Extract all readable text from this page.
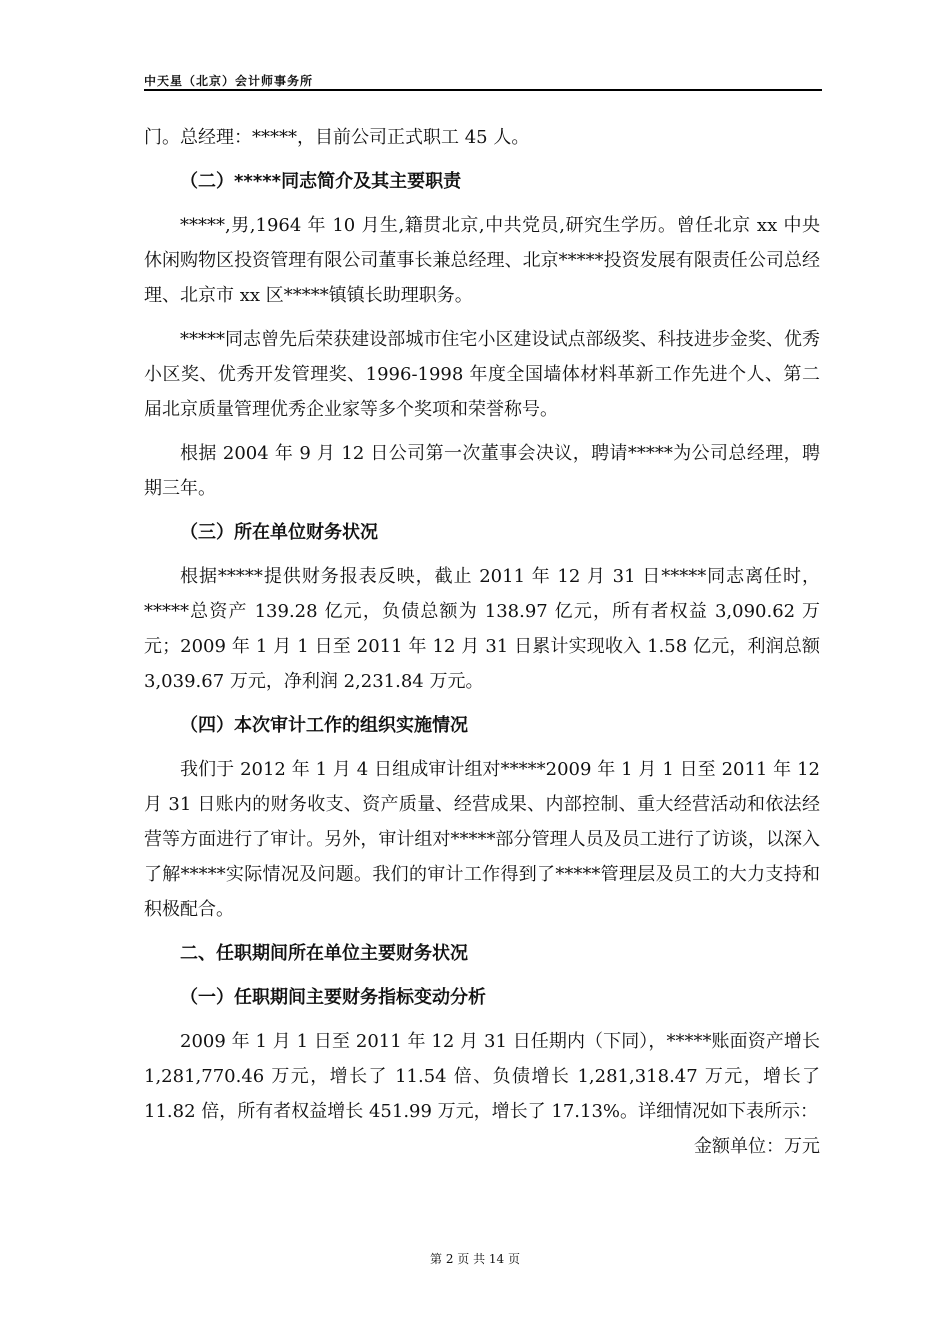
中天星（北京）会计师事务所

门。总经理：*****，目前公司正式职工 45 人。

（二）*****同志简介及其主要职责

*****,男,1964 年 10 月生,籍贯北京,中共党员,研究生学历。曾任北京 xx 中央休闲购物区投资管理有限公司董事长兼总经理、北京*****投资发展有限责任公司总经理、北京市 xx 区*****镇镇长助理职务。

*****同志曾先后荣获建设部城市住宅小区建设试点部级奖、科技进步金奖、优秀小区奖、优秀开发管理奖、1996-1998 年度全国墙体材料革新工作先进个人、第二届北京质量管理优秀企业家等多个奖项和荣誉称号。

根据 2004 年 9 月 12 日公司第一次董事会决议，聘请*****为公司总经理，聘期三年。

（三）所在单位财务状况

根据*****提供财务报表反映，截止 2011 年 12 月 31 日*****同志离任时，*****总资产 139.28 亿元，负债总额为 138.97 亿元，所有者权益 3,090.62 万元；2009 年 1 月 1 日至 2011 年 12 月 31 日累计实现收入 1.58 亿元，利润总额 3,039.67 万元，净利润 2,231.84 万元。

（四）本次审计工作的组织实施情况

我们于 2012 年 1 月 4 日组成审计组对*****2009 年 1 月 1 日至 2011 年 12 月 31 日账内的财务收支、资产质量、经营成果、内部控制、重大经营活动和依法经营等方面进行了审计。另外，审计组对*****部分管理人员及员工进行了访谈，以深入了解*****实际情况及问题。我们的审计工作得到了*****管理层及员工的大力支持和积极配合。

二、任职期间所在单位主要财务状况

（一）任职期间主要财务指标变动分析

2009 年 1 月 1 日至 2011 年 12 月 31 日任期内（下同），*****账面资产增长 1,281,770.46 万元，增长了 11.54 倍、负债增长 1,281,318.47 万元，增长了 11.82 倍，所有者权益增长 451.99 万元，增长了 17.13%。详细情况如下表所示：

金额单位：万元

第 2 页 共 14 页
